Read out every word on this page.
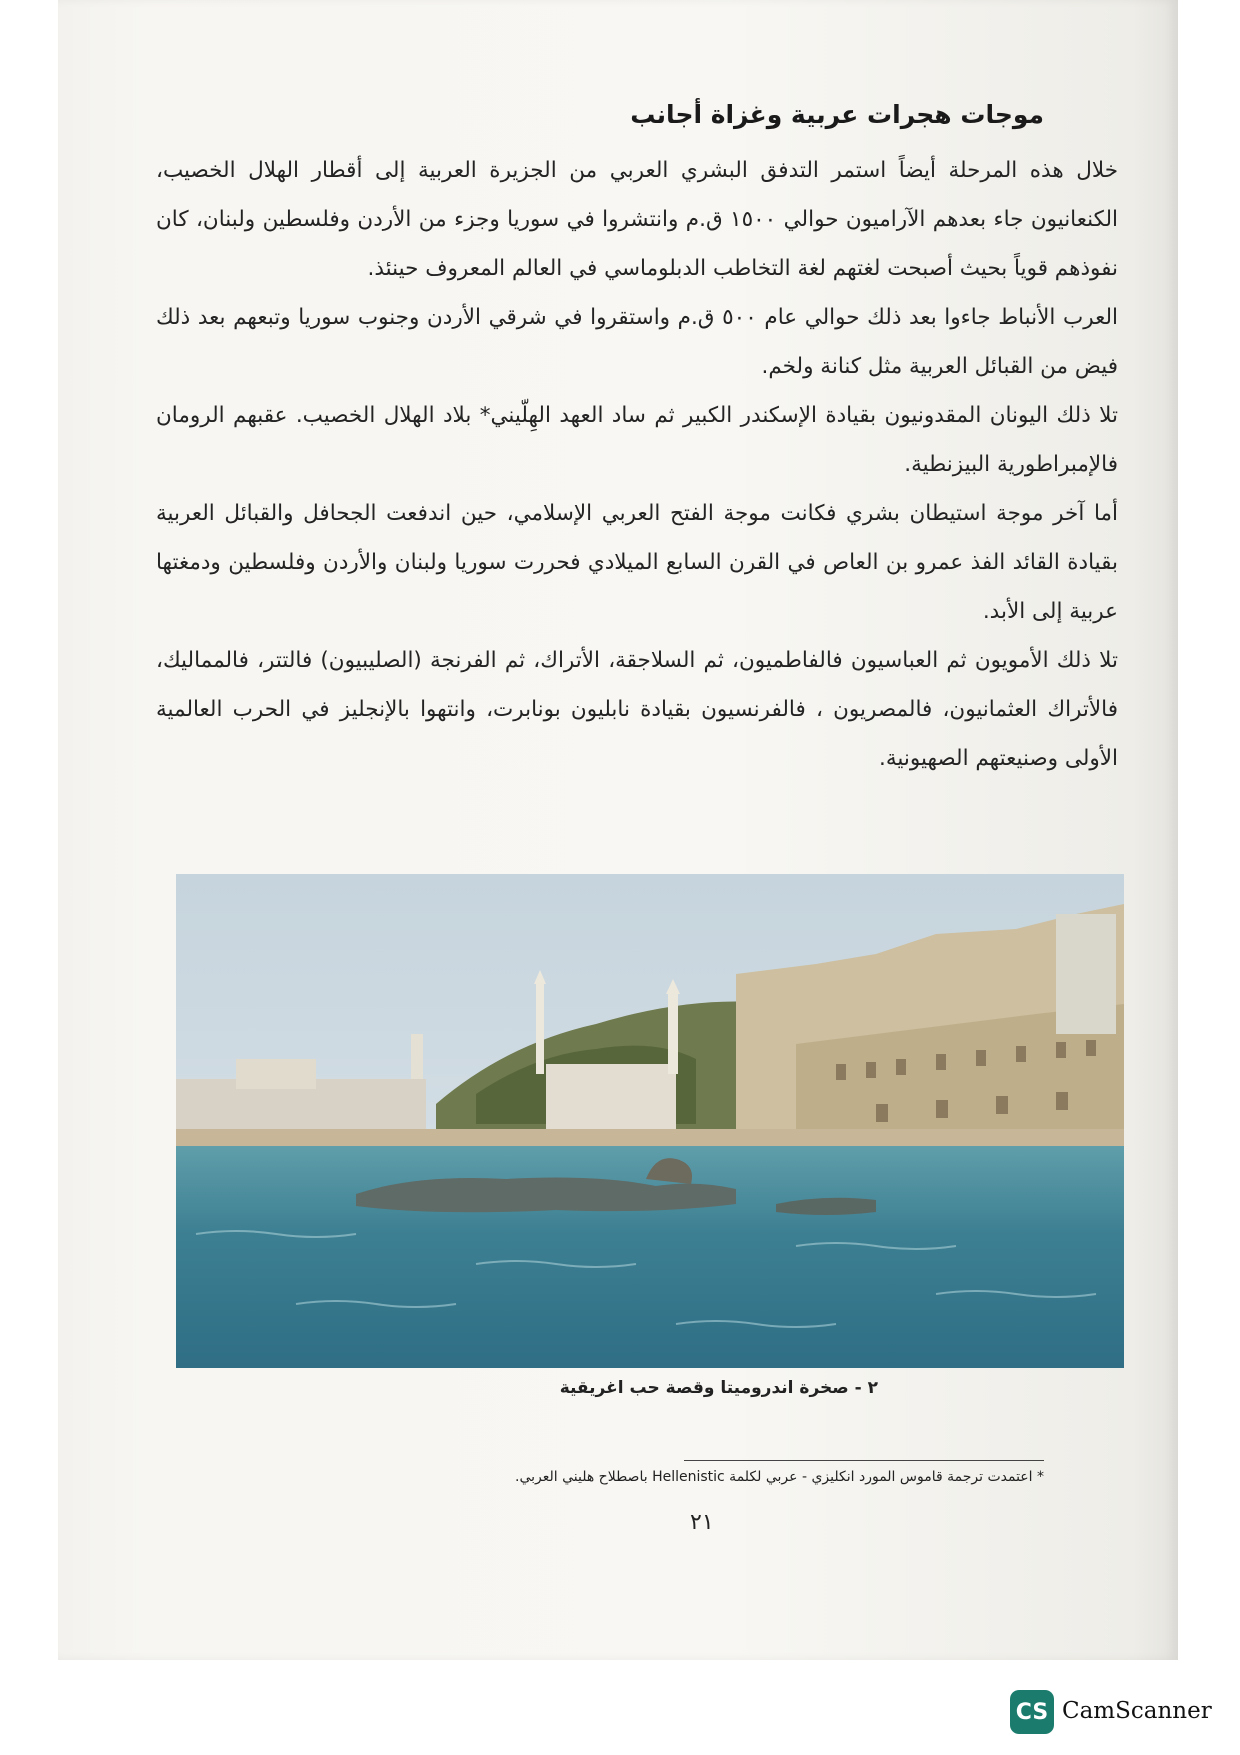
موجات هجرات عربية وغزاة أجانب

خلال هذه المرحلة أيضاً استمر التدفق البشري العربي من الجزيرة العربية إلى أقطار الهلال الخصيب، الكنعانيون جاء بعدهم الآراميون حوالي ١٥٠٠ ق.م وانتشروا في سوريا وجزء من الأردن وفلسطين ولبنان، كان نفوذهم قوياً بحيث أصبحت لغتهم لغة التخاطب الدبلوماسي في العالم المعروف حينئذ.

العرب الأنباط جاءوا بعد ذلك حوالي عام ٥٠٠ ق.م واستقروا في شرقي الأردن وجنوب سوريا وتبعهم بعد ذلك فيض من القبائل العربية مثل كنانة ولخم.

تلا ذلك اليونان المقدونيون بقيادة الإسكندر الكبير ثم ساد العهد الهِلّيني* بلاد الهلال الخصيب. عقبهم الرومان فالإمبراطورية البيزنطية.

أما آخر موجة استيطان بشري فكانت موجة الفتح العربي الإسلامي، حين اندفعت الجحافل والقبائل العربية بقيادة القائد الفذ عمرو بن العاص في القرن السابع الميلادي فحررت سوريا ولبنان والأردن وفلسطين ودمغتها عربية إلى الأبد.

تلا ذلك الأمويون ثم العباسيون فالفاطميون، ثم السلاجقة، الأتراك، ثم الفرنجة (الصليبيون) فالتتر، فالمماليك، فالأتراك العثمانيون، فالمصريون ، فالفرنسيون بقيادة نابليون بونابرت، وانتهوا بالإنجليز في الحرب العالمية الأولى وصنيعتهم الصهيونية.

٢ - صخرة اندروميتا وقصة حب اغريقية
* اعتمدت ترجمة قاموس المورد انكليزي - عربي لكلمة Hellenistic باصطلاح هليني العربي.
٢١
CS CamScanner
